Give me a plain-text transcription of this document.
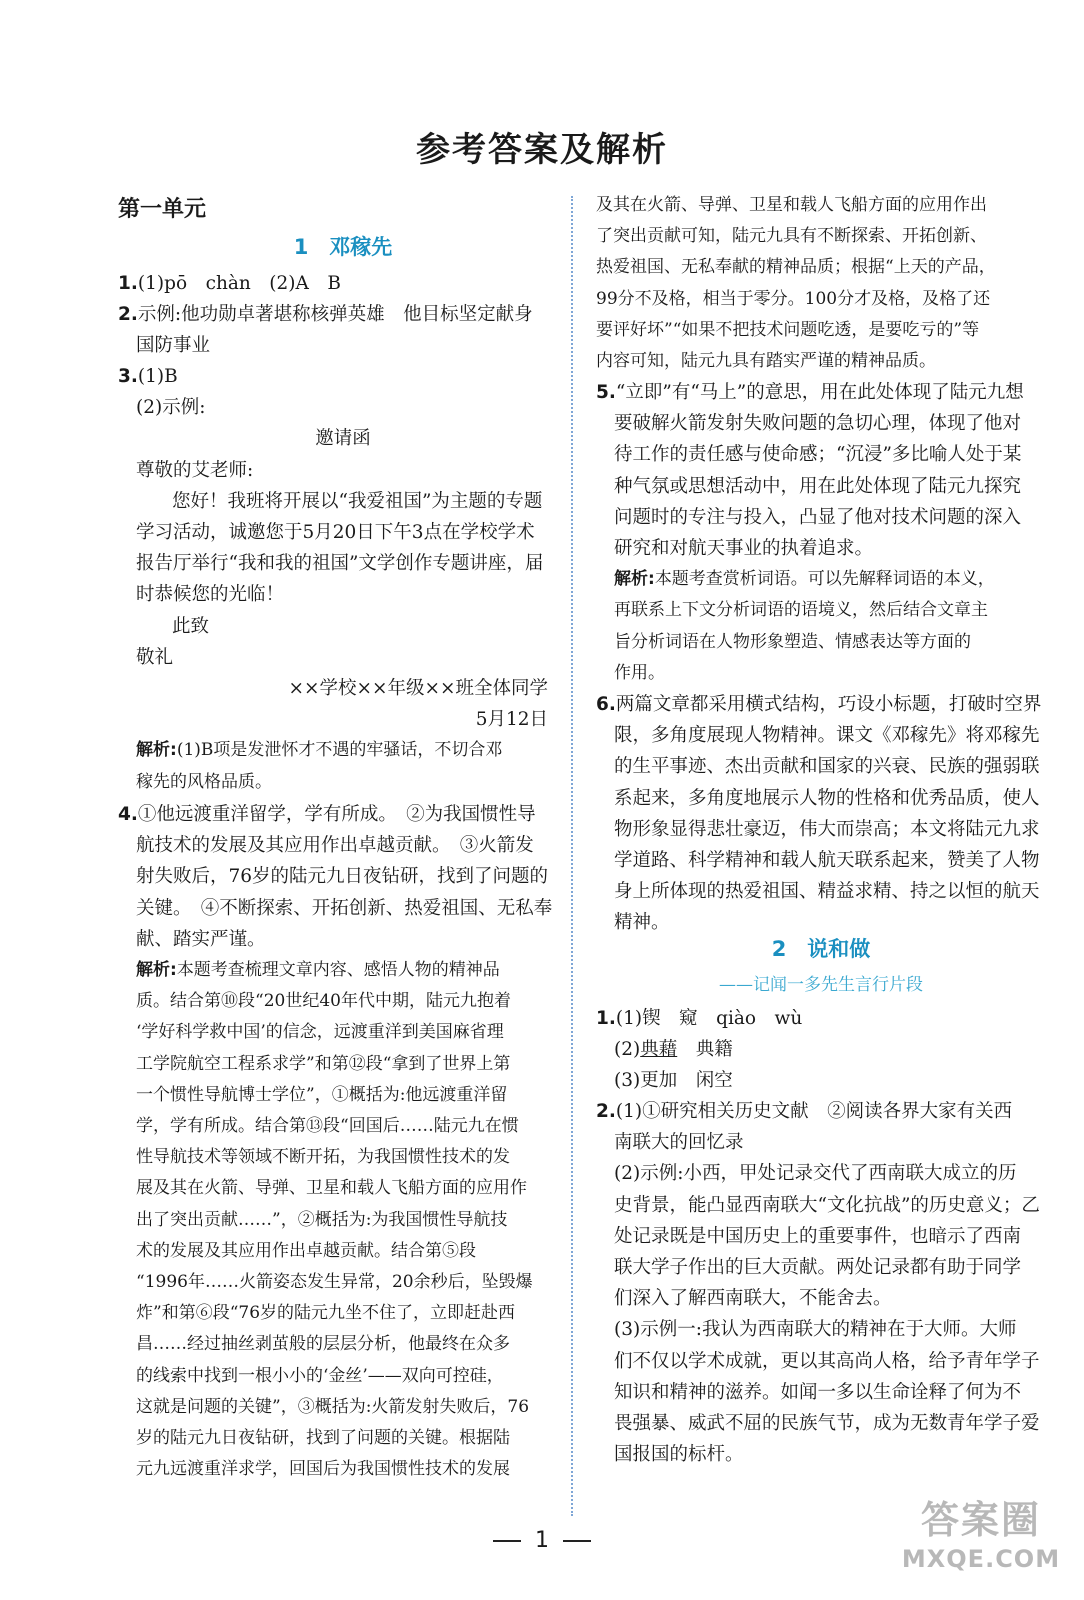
参考答案及解析
第一单元
1　邓稼先

1.(1)pō　chàn　(2)A　B

2.示例:他功勋卓著堪称核弹英雄　他目标坚定献身

国防事业

3.(1)B

(2)示例:

邀请函

尊敬的艾老师:

您好！我班将开展以“我爱祖国”为主题的专题

学习活动，诚邀您于5月20日下午3点在学校学术

报告厅举行“我和我的祖国”文学创作专题讲座，届

时恭候您的光临！

此致

敬礼

××学校××年级××班全体同学

5月12日

解析:(1)B项是发泄怀才不遇的牢骚话，不切合邓

稼先的风格品质。

4.①他远渡重洋留学，学有所成。　②为我国惯性导

航技术的发展及其应用作出卓越贡献。　③火箭发

射失败后，76岁的陆元九日夜钻研，找到了问题的

关键。　④不断探索、开拓创新、热爱祖国、无私奉

献、踏实严谨。

解析:本题考查梳理文章内容、感悟人物的精神品

质。结合第⑩段“20世纪40年代中期，陆元九抱着

‘学好科学救中国’的信念，远渡重洋到美国麻省理

工学院航空工程系求学”和第⑫段“拿到了世界上第

一个惯性导航博士学位”，①概括为:他远渡重洋留

学，学有所成。结合第⑬段“回国后……陆元九在惯

性导航技术等领域不断开拓，为我国惯性技术的发

展及其在火箭、导弹、卫星和载人飞船方面的应用作

出了突出贡献……”，②概括为:为我国惯性导航技

术的发展及其应用作出卓越贡献。结合第⑤段

“1996年……火箭姿态发生异常，20余秒后，坠毁爆

炸”和第⑥段“76岁的陆元九坐不住了，立即赶赴西

昌……经过抽丝剥茧般的层层分析，他最终在众多

的线索中找到一根小小的‘金丝’——双向可控硅，

这就是问题的关键”，③概括为:火箭发射失败后，76

岁的陆元九日夜钻研，找到了问题的关键。根据陆

元九远渡重洋求学，回国后为我国惯性技术的发展

及其在火箭、导弹、卫星和载人飞船方面的应用作出

了突出贡献可知，陆元九具有不断探索、开拓创新、

热爱祖国、无私奉献的精神品质；根据“上天的产品，

99分不及格，相当于零分。100分才及格，及格了还

要评好坏”“如果不把技术问题吃透，是要吃亏的”等

内容可知，陆元九具有踏实严谨的精神品质。

5.“立即”有“马上”的意思，用在此处体现了陆元九想

要破解火箭发射失败问题的急切心理，体现了他对

待工作的责任感与使命感；“沉浸”多比喻人处于某

种气氛或思想活动中，用在此处体现了陆元九探究

问题时的专注与投入，凸显了他对技术问题的深入

研究和对航天事业的执着追求。

解析:本题考查赏析词语。可以先解释词语的本义，

再联系上下文分析词语的语境义，然后结合文章主

旨分析词语在人物形象塑造、情感表达等方面的

作用。

6.两篇文章都采用横式结构，巧设小标题，打破时空界

限，多角度展现人物精神。课文《邓稼先》将邓稼先

的生平事迹、杰出贡献和国家的兴衰、民族的强弱联

系起来，多角度地展示人物的性格和优秀品质，使人

物形象显得悲壮豪迈，伟大而崇高；本文将陆元九求

学道路、科学精神和载人航天联系起来，赞美了人物

身上所体现的热爱祖国、精益求精、持之以恒的航天

精神。

2　说和做
——记闻一多先生言行片段

1.(1)锲　窥　qiào　wù

(2)典藉　典籍

(3)更加　闲空

2.(1)①研究相关历史文献　②阅读各界大家有关西

南联大的回忆录

(2)示例:小西，甲处记录交代了西南联大成立的历

史背景，能凸显西南联大“文化抗战”的历史意义；乙

处记录既是中国历史上的重要事件，也暗示了西南

联大学子作出的巨大贡献。两处记录都有助于同学

们深入了解西南联大，不能舍去。

(3)示例一:我认为西南联大的精神在于大师。大师

们不仅以学术成就，更以其高尚人格，给予青年学子

知识和精神的滋养。如闻一多以生命诠释了何为不

畏强暴、威武不屈的民族气节，成为无数青年学子爱

国报国的标杆。

1	答案圈
MXQE.COM
